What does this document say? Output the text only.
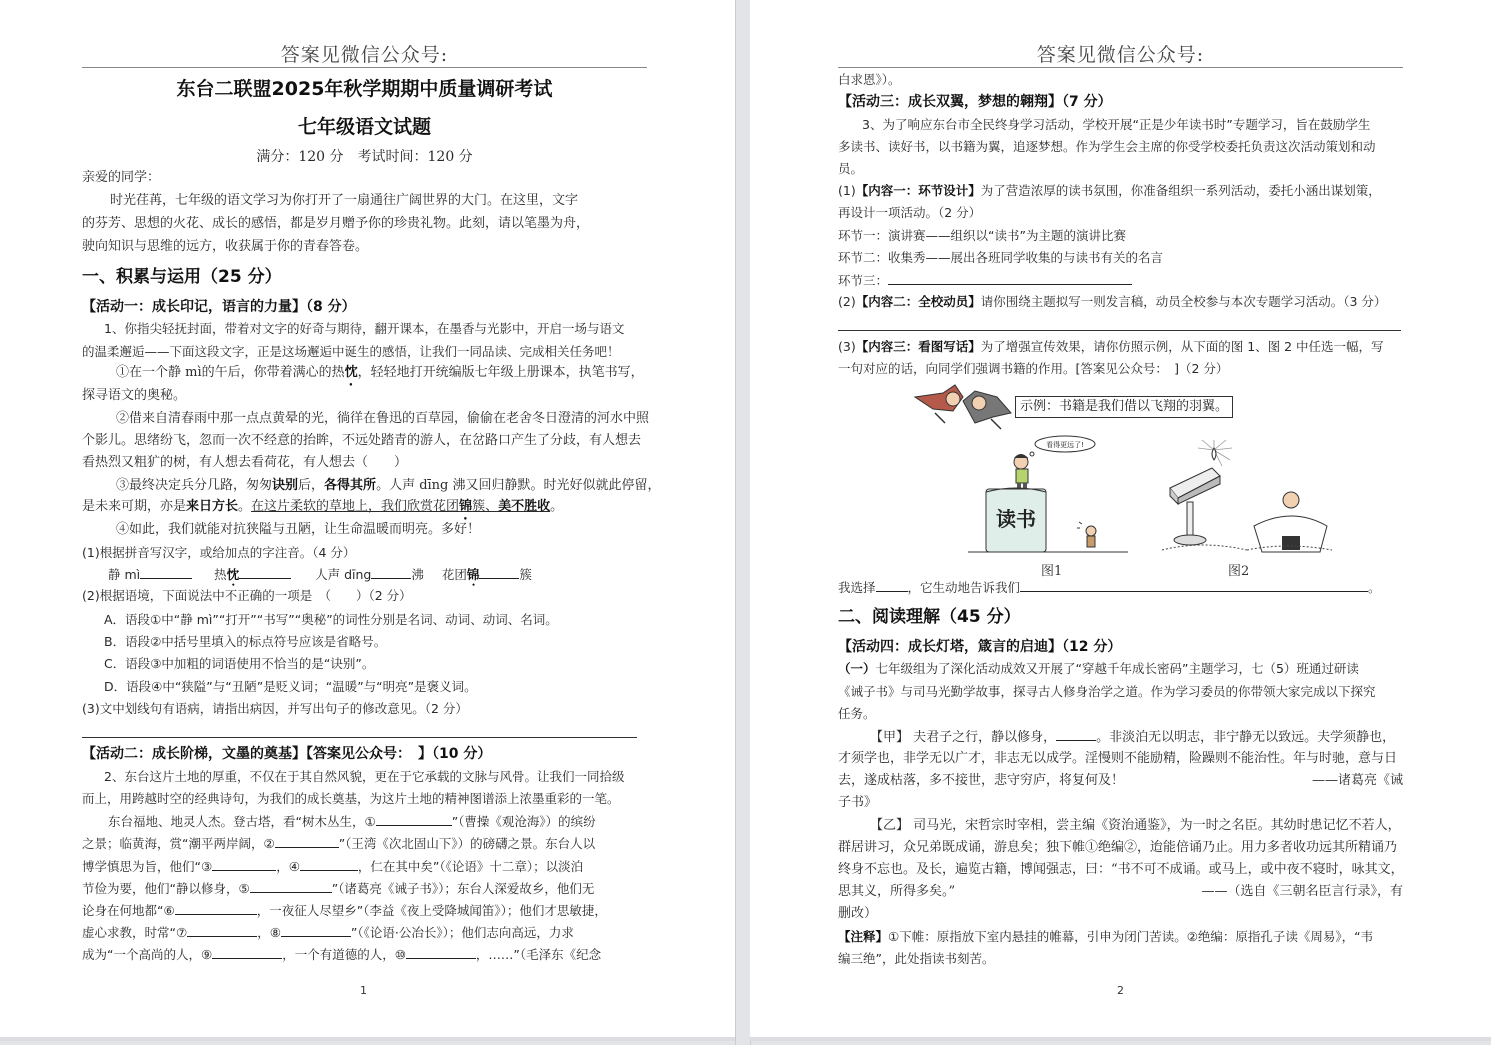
答案见微信公众号:
东台二联盟2025年秋学期期中质量调研考试
七年级语文试题
满分：120 分　考试时间：120 分
亲爱的同学：
时光荏苒，七年级的语文学习为你打开了一扇通往广阔世界的大门。在这里，文字
的芬芳、思想的火花、成长的感悟，都是岁月赠予你的珍贵礼物。此刻，请以笔墨为舟，
驶向知识与思维的远方，收获属于你的青春答卷。
一、积累与运用（25 分）
【活动一：成长印记，语言的力量】（8 分）
1、你指尖轻抚封面，带着对文字的好奇与期待，翻开课本，在墨香与光影中，开启一场与语文
的温柔邂逅——下面这段文字，正是这场邂逅中诞生的感悟，让我们一同品读、完成相关任务吧！
①在一个静 mì的午后，你带着满心的热忱，轻轻地打开统编版七年级上册课本，执笔书写，
探寻语文的奥秘。
②借来自清春雨中那一点点黄晕的光，徜徉在鲁迅的百草园，偷偷在老舍冬日澄清的河水中照
个影儿。思绪纷飞，忽而一次不经意的抬眸，不远处踏青的游人，在岔路口产生了分歧，有人想去
看热烈又粗犷的树，有人想去看荷花，有人想去（　　）
③最终决定兵分几路，匆匆诀别后，各得其所。人声 dīng 沸又回归静默。时光好似就此停留，
是未来可期，亦是来日方长。在这片柔软的草地上，我们欣赏花团锦簇、美不胜收。
④如此，我们就能对抗狭隘与丑陋，让生命温暖而明亮。多好！
(1)根据拼音写汉字，或给加点的字注音。（4 分）
静 mì	热忱	人声 dīng	沸 花团锦	簇
(2)根据语境，下面说法中不正确的一项是　（　　）（2 分）
A．语段①中“静 mì”“打开”“书写”“奥秘”的词性分别是名词、动词、动词、名词。
B．语段②中括号里填入的标点符号应该是省略号。
C．语段③中加粗的词语使用不恰当的是“诀别”。
D．语段④中“狭隘”与“丑陋”是贬义词；“温暖”与“明亮”是褒义词。
(3)文中划线句有语病，请指出病因，并写出句子的修改意见。（2 分）
【活动二：成长阶梯，文墨的奠基】【答案见公众号：　】（10 分）
2、东台这片土地的厚重，不仅在于其自然风貌，更在于它承载的文脉与风骨。让我们一同拾级
而上，用跨越时空的经典诗句，为我们的成长奠基，为这片土地的精神图谱添上浓墨重彩的一笔。
东台福地、地灵人杰。登古塔，看“树木丛生，①	”（曹操《观沧海》）的缤纷
之景；临黄海，赏“潮平两岸阔，②	”（王湾《次北固山下》）的磅礴之景。东台人以
博学慎思为旨，他们“③	，④	，仁在其中矣”（《论语》十二章）；以淡泊
节俭为要，他们“静以修身，⑤	”（诸葛亮《诫子书》）；东台人深爱故乡，他们无
论身在何地都“⑥	，一夜征人尽望乡”（李益《夜上受降城闻笛》）；他们才思敏捷，
虚心求教，时常“⑦	，⑧	”（《论语·公冶长》）；他们志向高远，力求
成为“一个高尚的人，⑨	，一个有道德的人，⑩	，……”（毛泽东《纪念
1
答案见微信公众号:
白求恩》）。
【活动三：成长双翼，梦想的翱翔】（7 分）
3、为了响应东台市全民终身学习活动，学校开展“正是少年读书时”专题学习，旨在鼓励学生
多读书、读好书，以书籍为翼，追逐梦想。作为学生会主席的你受学校委托负责这次活动策划和动
员。
(1)【内容一：环节设计】为了营造浓厚的读书氛围，你准备组织一系列活动，委托小涵出谋划策，
再设计一项活动。（2 分）
环节一：演讲赛——组织以“读书”为主题的演讲比赛
环节二：收集秀——展出各班同学收集的与读书有关的名言
环节三：
(2)【内容二：全校动员】请你围绕主题拟写一则发言稿，动员全校参与本次专题学习活动。（3 分）
(3)【内容三：看图写话】为了增强宣传效果，请你仿照示例，从下面的图 1、图 2 中任选一幅，写
一句对应的话，向同学们强调书籍的作用。[答案见公众号：　]（2 分）
示例：书籍是我们借以飞翔的羽翼。
看得更远了!
读书
图1	图2
我选择	，它生动地告诉我们	。
二、阅读理解（45 分）
【活动四：成长灯塔，箴言的启迪】（12 分）
（一）七年级组为了深化活动成效又开展了“穿越千年成长密码”主题学习，七（5）班通过研读
《诫子书》与司马光勤学故事，探寻古人修身治学之道。作为学习委员的你带领大家完成以下探究
任务。
【甲】 夫君子之行，静以修身，	。非淡泊无以明志，非宁静无以致远。夫学须静也，
才须学也，非学无以广才，非志无以成学。淫慢则不能励精，险躁则不能治性。年与时驰，意与日
去，遂成枯落，多不接世，悲守穷庐，将复何及！	——诸葛亮《诫
子书》
【乙】 司马光，宋哲宗时宰相，尝主编《资治通鉴》，为一时之名臣。其幼时患记忆不若人，
群居讲习，众兄弟既成诵，游息矣；独下帷①绝编②，迨能倍诵乃止。用力多者收功远其所精诵乃
终身不忘也。及长，遍览古籍，博闻强志，曰：“书不可不成诵。或马上，或中夜不寝时，咏其文，
思其义，所得多矣。”	——（选自《三朝名臣言行录》，有
删改）
【注释】①下帷：原指放下室内悬挂的帷幕，引申为闭门苦读。②绝编：原指孔子读《周易》，“韦
编三绝”，此处指读书刻苦。
2
